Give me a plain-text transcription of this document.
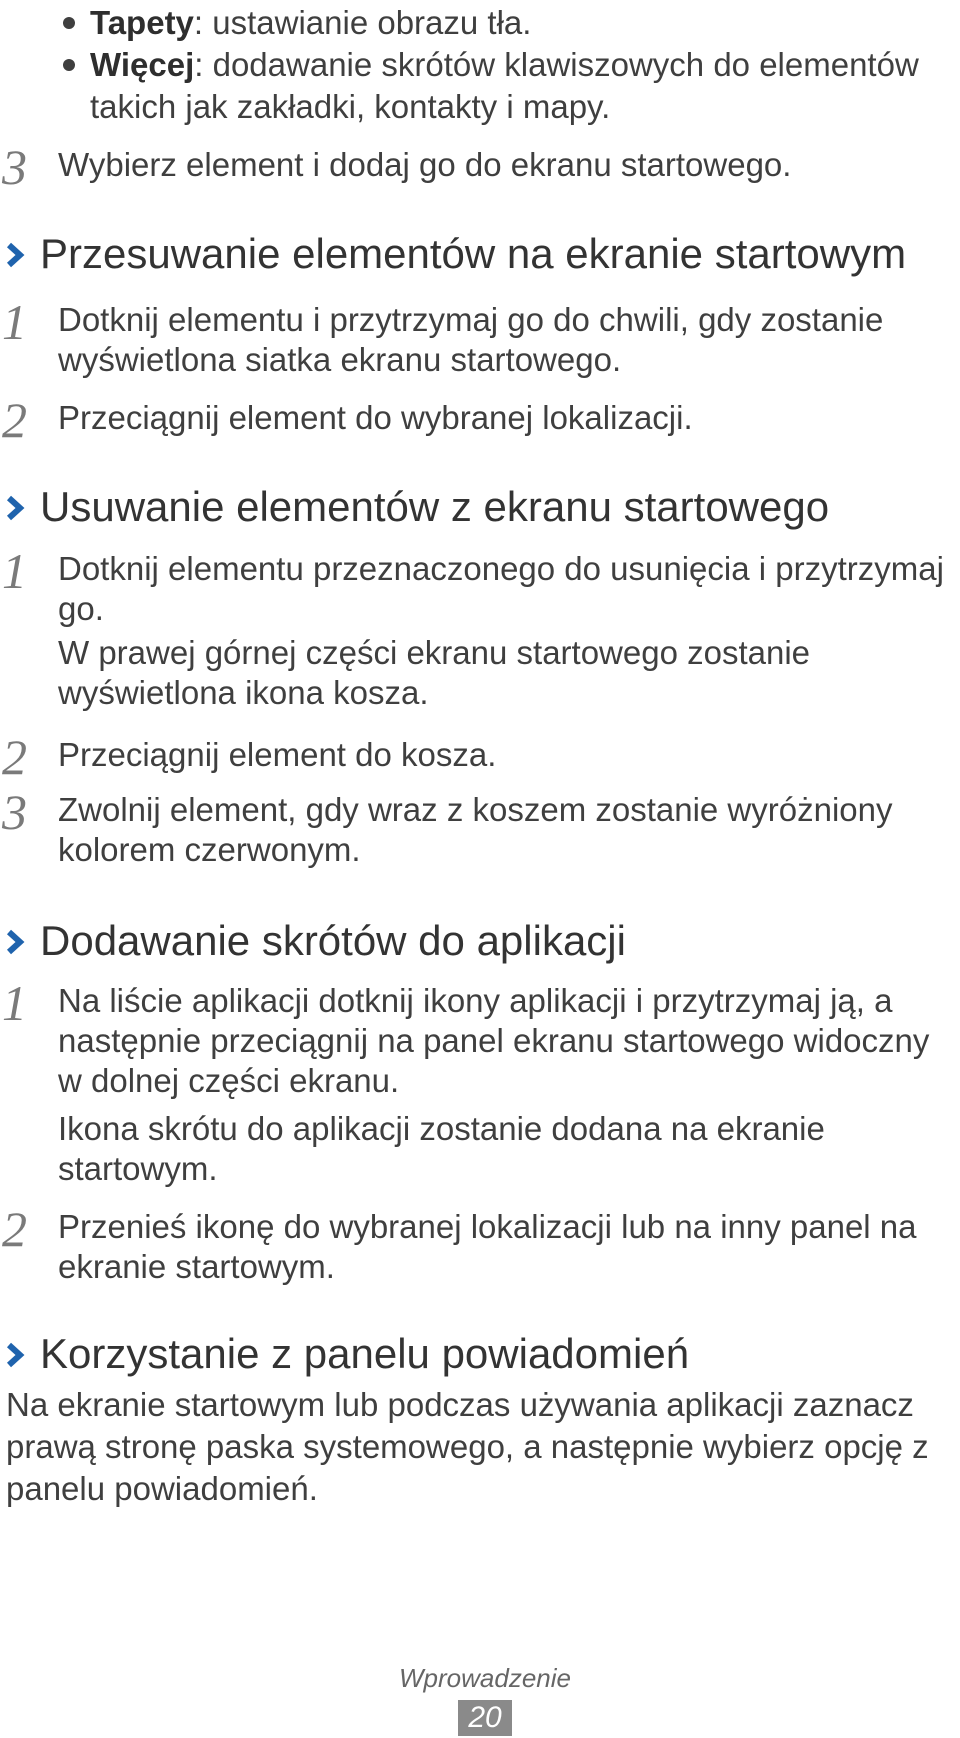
Tapety: ustawianie obrazu tła.
Więcej: dodawanie skrótów klawiszowych do elementów takich jak zakładki, kontakty i mapy.
3 Wybierz element i dodaj go do ekranu startowego.
Przesuwanie elementów na ekranie startowym
1 Dotknij elementu i przytrzymaj go do chwili, gdy zostanie wyświetlona siatka ekranu startowego.
2 Przeciągnij element do wybranej lokalizacji.
Usuwanie elementów z ekranu startowego
1 Dotknij elementu przeznaczonego do usunięcia i przytrzymaj go.
W prawej górnej części ekranu startowego zostanie wyświetlona ikona kosza.
2 Przeciągnij element do kosza.
3 Zwolnij element, gdy wraz z koszem zostanie wyróżniony kolorem czerwonym.
Dodawanie skrótów do aplikacji
1 Na liście aplikacji dotknij ikony aplikacji i przytrzymaj ją, a następnie przeciągnij na panel ekranu startowego widoczny w dolnej części ekranu.
Ikona skrótu do aplikacji zostanie dodana na ekranie startowym.
2 Przenieś ikonę do wybranej lokalizacji lub na inny panel na ekranie startowym.
Korzystanie z panelu powiadomień
Na ekranie startowym lub podczas używania aplikacji zaznacz prawą stronę paska systemowego, a następnie wybierz opcję z panelu powiadomień.
Wprowadzenie
20
